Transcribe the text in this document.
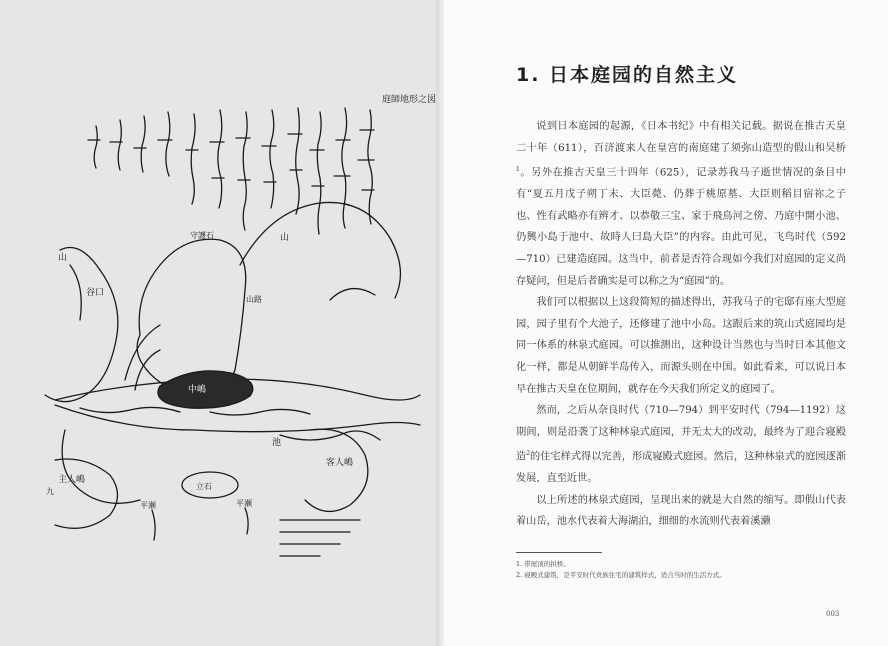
庭師地形之図
山
山
山路
谷口
守護石
中嶋
客人嶋
主人嶋
池
立石
平瀬	平瀬
九
1. 日本庭园的自然主义

说到日本庭园的起源，《日本书纪》中有相关记载。据说在推古天皇二十年（611），百济渡来人在皇宫的南庭建了须弥山造型的假山和吴桥$^1$。另外在推古天皇三十四年（625），记录苏我马子逝世情况的条目中有“夏五月戊子朔丁未、大臣薨、仍葬于桃原墓、大臣则稻目宿祢之子也、性有武略亦有辨才、以恭敬三宝、家于飛鳥河之傍、乃庭中開小池、仍興小島于池中、故時人曰島大臣”的内容。由此可见，飞鸟时代（592—710）已建造庭园。这当中，前者是否符合现如今我们对庭园的定义尚存疑问，但是后者确实是可以称之为“庭园”的。

我们可以根据以上这段简短的描述得出，苏我马子的宅邸有座大型庭园，园子里有个大池子，还修建了池中小岛。这跟后来的筑山式庭园均是同一体系的林泉式庭园。可以推测出，这种设计当然也与当时日本其他文化一样，都是从朝鲜半岛传入，而源头则在中国。如此看来，可以说日本早在推古天皇在位期间，就存在今天我们所定义的庭园了。

然而，之后从奈良时代（710—794）到平安时代（794—1192）这期间，则是沿袭了这种林泉式庭园，并无太大的改动，最终为了迎合寝殿造$^2$的住宅样式得以完善，形成寝殿式庭园。然后，这种林泉式的庭园逐渐发展，直至近世。

以上所述的林泉式庭园，呈现出来的就是大自然的缩写。即假山代表着山岳，池水代表着大海湖泊，细细的水流则代表着溪濑

1. 带屋顶的拱桥。
2. 寝殿式建筑，是平安时代贵族住宅的建筑样式，适合当时的生活方式。
003
